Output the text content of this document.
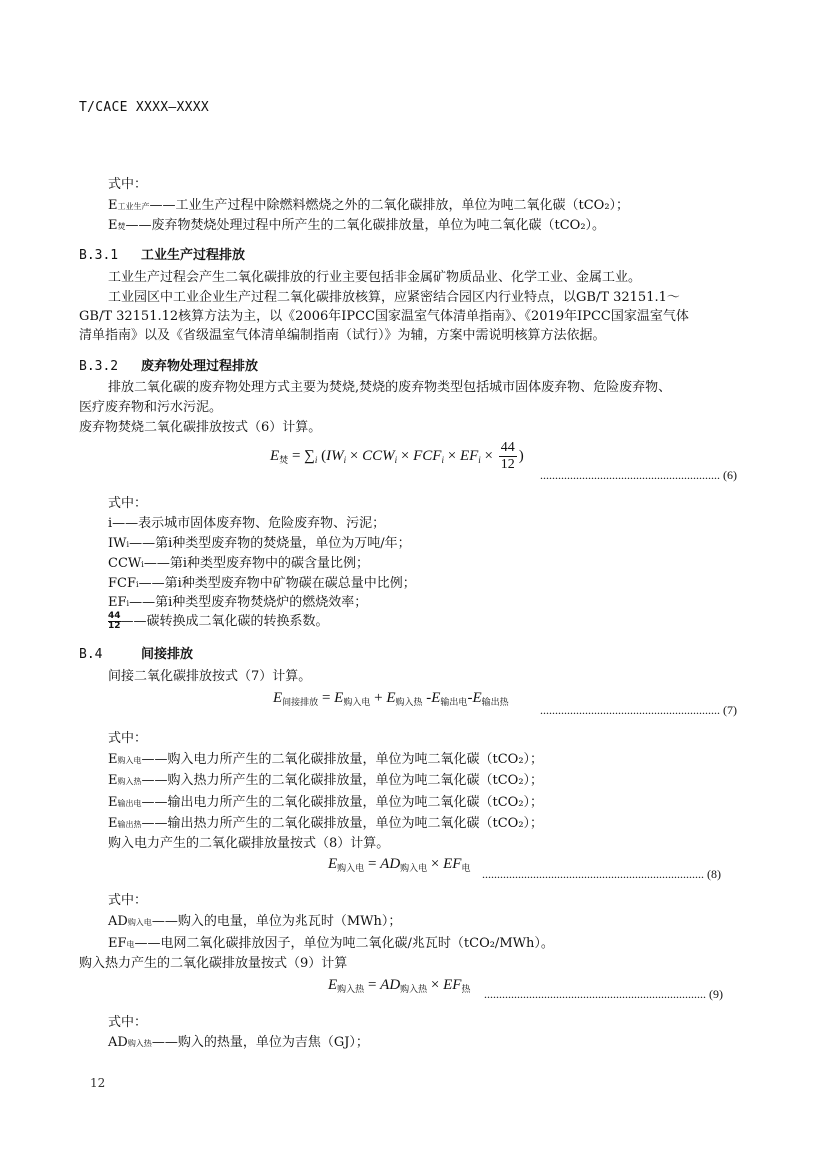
T/CACE XXXX—XXXX
式中：
E工业生产——工业生产过程中除燃料燃烧之外的二氧化碳排放，单位为吨二氧化碳（tCO₂）；
E焚——废弃物焚烧处理过程中所产生的二氧化碳排放量，单位为吨二氧化碳（tCO₂）。
B.3.1 工业生产过程排放
工业生产过程会产生二氧化碳排放的行业主要包括非金属矿物质品业、化学工业、金属工业。
工业园区中工业企业生产过程二氧化碳排放核算，应紧密结合园区内行业特点，以GB/T 32151.1～
GB/T 32151.12核算方法为主，以《2006年IPCC国家温室气体清单指南》、《2019年IPCC国家温室气体
清单指南》以及《省级温室气体清单编制指南（试行）》为辅，方案中需说明核算方法依据。
B.3.2 废弃物处理过程排放
排放二氧化碳的废弃物处理方式主要为焚烧,焚烧的废弃物类型包括城市固体废弃物、危险废弃物、
医疗废弃物和污水污泥。
废弃物焚烧二氧化碳排放按式（6）计算。
$E_焚 = \sum_i$ ($IW_i \times CCW_i \times FCF_i \times EF_i \times \frac{44}{12}$ )
............................................................ (6)
式中：
i——表示城市固体废弃物、危险废弃物、污泥；
IWi——第i种类型废弃物的焚烧量，单位为万吨/年；
CCWi——第i种类型废弃物中的碳含量比例；
FCFi——第i种类型废弃物中矿物碳在碳总量中比例；
EFi——第i种类型废弃物焚烧炉的燃烧效率；
$\frac{44}{12}$ ——碳转换成二氧化碳的转换系数。
B.4	间接排放
间接二氧化碳排放按式（7）计算。
$E_{间接排放} = E_{购入电} + E_{购入热}$ $-E_{输出电}-E_{输出热}$	............................................................ (7)
式中：
E购入电——购入电力所产生的二氧化碳排放量，单位为吨二氧化碳（tCO₂）；
E购入热——购入热力所产生的二氧化碳排放量，单位为吨二氧化碳（tCO₂）；
E输出电——输出电力所产生的二氧化碳排放量，单位为吨二氧化碳（tCO₂）；
E输出热——输出热力所产生的二氧化碳排放量，单位为吨二氧化碳（tCO₂）；
购入电力产生的二氧化碳排放量按式（8）计算。
$E_{购入电} = AD_{购入电} \times EF_电$ .......................................................................... (8)
式中：
AD购入电——购入的电量，单位为兆瓦时（MWh）；
EF电——电网二氧化碳排放因子，单位为吨二氧化碳/兆瓦时（tCO₂/MWh）。
购入热力产生的二氧化碳排放量按式（9）计算
$E_{购入热} = AD_{购入热} \times EF_热$ .......................................................................... (9)
式中：
AD购入热——购入的热量，单位为吉焦（GJ）；
12
